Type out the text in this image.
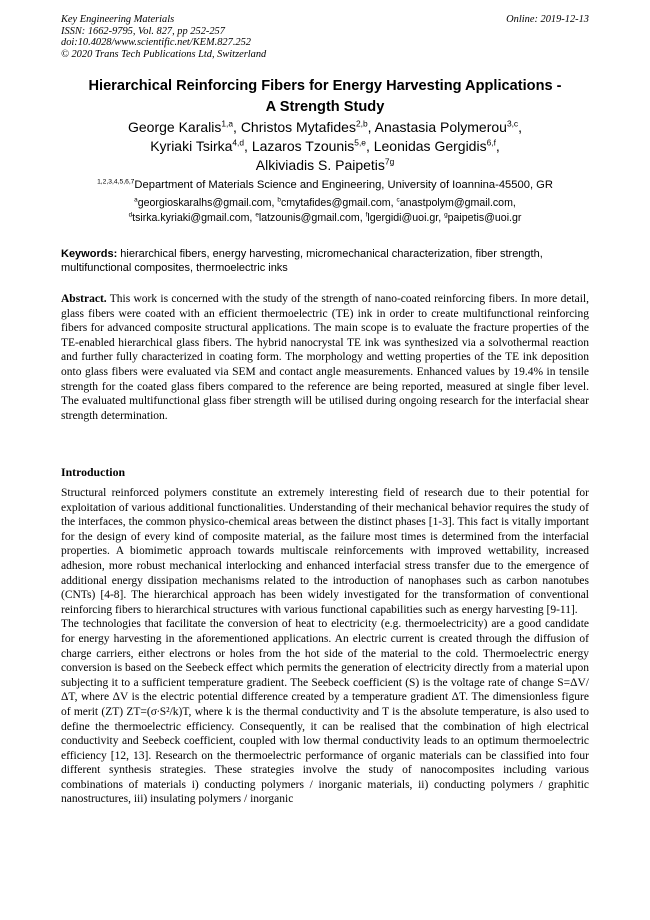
Key Engineering Materials
ISSN: 1662-9795, Vol. 827, pp 252-257
doi:10.4028/www.scientific.net/KEM.827.252
© 2020 Trans Tech Publications Ltd, Switzerland
Online: 2019-12-13
Hierarchical Reinforcing Fibers for Energy Harvesting Applications -
A Strength Study
George Karalis$^{1,a}$, Christos Mytafides$^{2,b}$, Anastasia Polymerou$^{3,c}$,
Kyriaki Tsirka$^{4,d}$, Lazaros Tzounis$^{5,e}$, Leonidas Gergidis$^{6,f}$,
Alkiviadis S. Paipetis$^{7g}$
$^{1,2,3,4,5,6,7}$Department of Materials Science and Engineering, University of Ioannina-45500, GR
$^a$georgioskaralhs@gmail.com, $^b$cmytafides@gmail.com, $^c$anastpolym@gmail.com,
$^d$tsirka.kyriaki@gmail.com, $^e$latzounis@gmail.com, $^f$lgergidi@uoi.gr, $^g$paipetis@uoi.gr
Keywords: hierarchical fibers, energy harvesting, micromechanical characterization, fiber strength, multifunctional composites, thermoelectric inks
Abstract. This work is concerned with the study of the strength of nano-coated reinforcing fibers. In more detail, glass fibers were coated with an efficient thermoelectric (TE) ink in order to create multifunctional reinforcing fibers for advanced composite structural applications. The main scope is to evaluate the fracture properties of the TE-enabled hierarchical glass fibers. The hybrid nanocrystal TE ink was synthesized via a solvothermal reaction and further fully characterized in coating form. The morphology and wetting properties of the TE ink deposition onto glass fibers were evaluated via SEM and contact angle measurements. Enhanced values by 19.4% in tensile strength for the coated glass fibers compared to the reference are being reported, measured at single fiber level. The evaluated multifunctional glass fiber strength will be utilised during ongoing research for the interfacial shear strength determination.
Introduction

Structural reinforced polymers constitute an extremely interesting field of research due to their potential for exploitation of various additional functionalities. Understanding of their mechanical behavior requires the study of the interfaces, the common physico-chemical areas between the distinct phases [1-3]. This fact is vitally important for the design of every kind of composite material, as the failure most times is determined from the interfacial properties. A biomimetic approach towards multiscale reinforcements with improved wettability, increased adhesion, more robust mechanical interlocking and enhanced interfacial stress transfer due to the emergence of additional energy dissipation mechanisms related to the introduction of nanophases such as carbon nanotubes (CNTs) [4-8]. The hierarchical approach has been widely investigated for the transformation of conventional reinforcing fibers to hierarchical structures with various functional capabilities such as energy harvesting [9-11].

The technologies that facilitate the conversion of heat to electricity (e.g. thermoelectricity) are a good candidate for energy harvesting in the aforementioned applications. An electric current is created through the diffusion of charge carriers, either electrons or holes from the hot side of the material to the cold. Thermoelectric energy conversion is based on the Seebeck effect which permits the generation of electricity directly from a material upon subjecting it to a sufficient temperature gradient. The Seebeck coefficient (S) is the voltage rate of change S=ΔV/ΔT, where ΔV is the electric potential difference created by a temperature gradient ΔT. The dimensionless figure of merit (ZT) ZT=(σ∙S²/k)T, where k is the thermal conductivity and T is the absolute temperature, is also used to define the thermoelectric efficiency. Consequently, it can be realised that the combination of high electrical conductivity and Seebeck coefficient, coupled with low thermal conductivity leads to an optimum thermoelectric efficiency [12, 13]. Research on the thermoelectric performance of organic materials can be classified into four different synthesis strategies. These strategies involve the study of nanocomposites including various combinations of materials i) conducting polymers / inorganic materials, ii) conducting polymers / graphitic nanostructures, iii) insulating polymers / inorganic
